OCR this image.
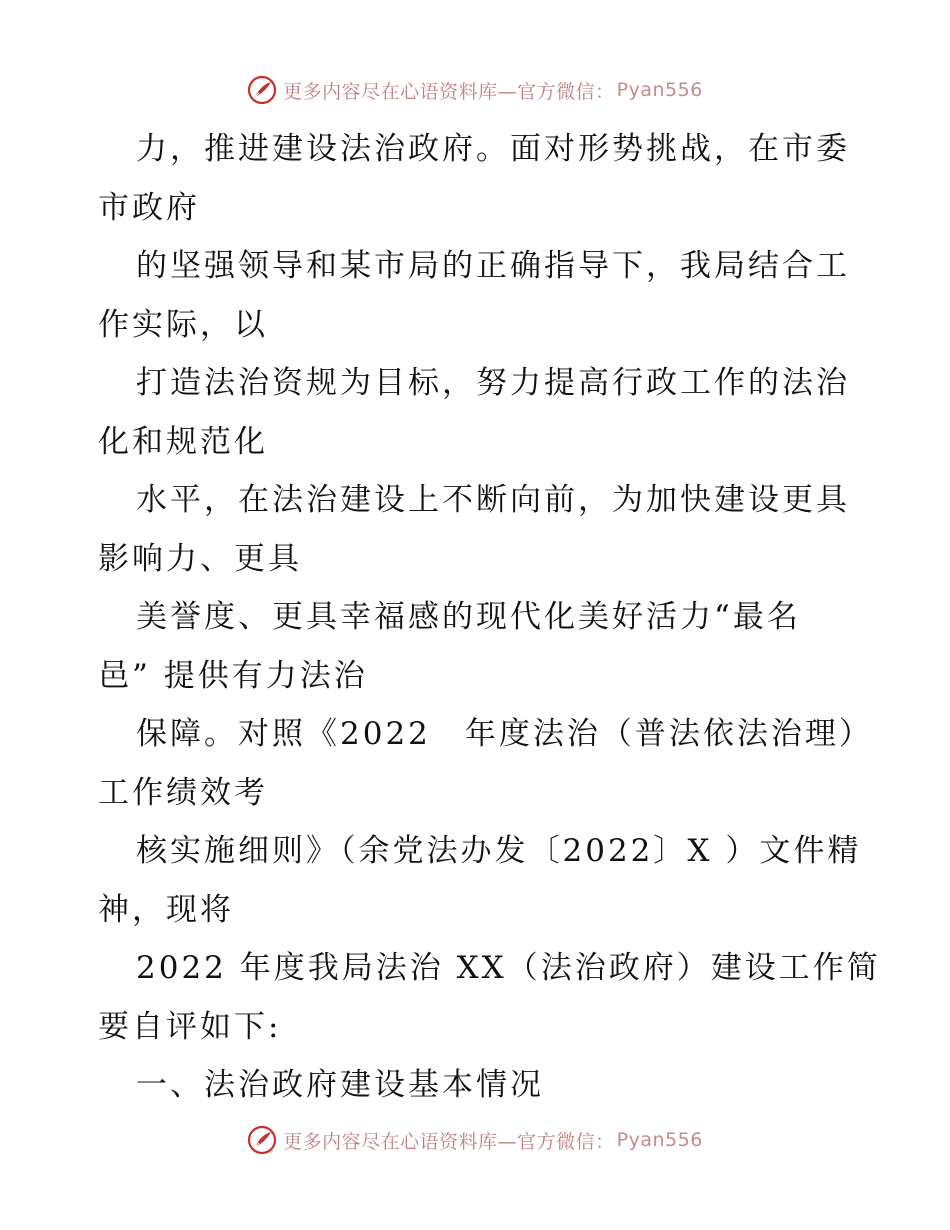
更多内容尽在心语资料库—官方微信： Pyan556
力，推进建设法治政府。面对形势挑战，在市委
市政府
的坚强领导和某市局的正确指导下，我局结合工
作实际，以
打造法治资规为目标，努力提高行政工作的法治
化和规范化
水平，在法治建设上不断向前，为加快建设更具
影响力、更具
美誉度、更具幸福感的现代化美好活力“最名
邑” 提供有力法治
保障。对照《2022　年度法治（普法依法治理）
工作绩效考
核实施细则》（余党法办发〔2022〕X ）文件精
神，现将
2022 年度我局法治 XX（法治政府）建设工作简
要自评如下:
一、法治政府建设基本情况
更多内容尽在心语资料库—官方微信： Pyan556
